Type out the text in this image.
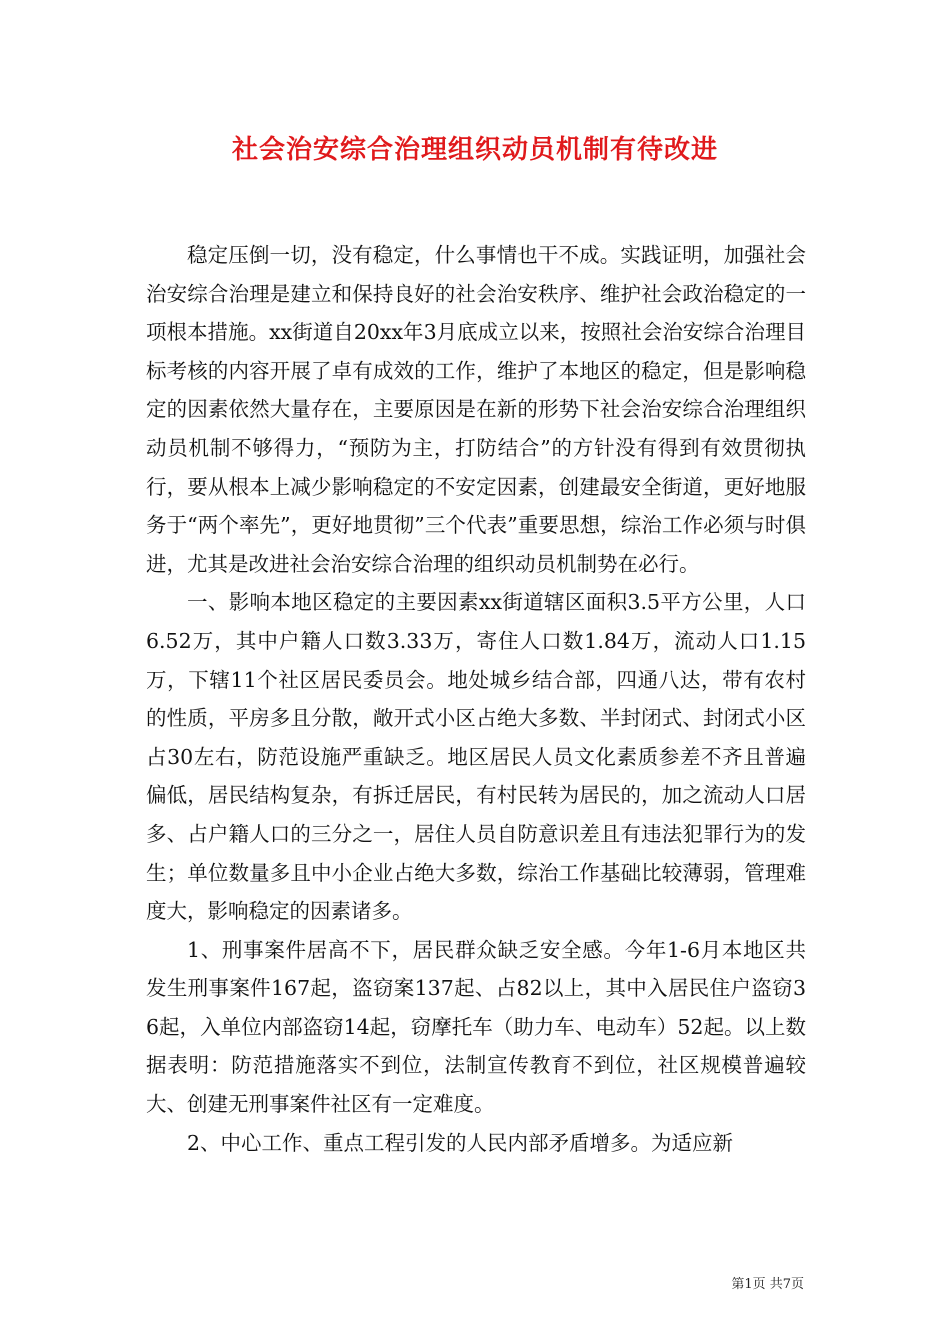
社会治安综合治理组织动员机制有待改进

稳定压倒一切，没有稳定，什么事情也干不成。实践证明，加强社会治安综合治理是建立和保持良好的社会治安秩序、维护社会政治稳定的一项根本措施。xx街道自20xx年3月底成立以来，按照社会治安综合治理目标考核的内容开展了卓有成效的工作，维护了本地区的稳定，但是影响稳定的因素依然大量存在，主要原因是在新的形势下社会治安综合治理组织动员机制不够得力，“预防为主，打防结合”的方针没有得到有效贯彻执行，要从根本上减少影响稳定的不安定因素，创建最安全街道，更好地服务于“两个率先”，更好地贯彻”三个代表”重要思想，综治工作必须与时俱进，尤其是改进社会治安综合治理的组织动员机制势在必行。

一、影响本地区稳定的主要因素xx街道辖区面积3.5平方公里，人口6.52万，其中户籍人口数3.33万，寄住人口数1.84万，流动人口1.15万，下辖11个社区居民委员会。地处城乡结合部，四通八达，带有农村的性质，平房多且分散，敞开式小区占绝大多数、半封闭式、封闭式小区占30左右，防范设施严重缺乏。地区居民人员文化素质参差不齐且普遍偏低，居民结构复杂，有拆迁居民，有村民转为居民的，加之流动人口居多、占户籍人口的三分之一，居住人员自防意识差且有违法犯罪行为的发生；单位数量多且中小企业占绝大多数，综治工作基础比较薄弱，管理难度大，影响稳定的因素诸多。

1、刑事案件居高不下，居民群众缺乏安全感。今年1-6月本地区共发生刑事案件167起，盗窃案137起、占82以上，其中入居民住户盗窃36起，入单位内部盗窃14起，窃摩托车（助力车、电动车）52起。以上数据表明：防范措施落实不到位，法制宣传教育不到位，社区规模普遍较大、创建无刑事案件社区有一定难度。

2、中心工作、重点工程引发的人民内部矛盾增多。为适应新

第1页 共7页
